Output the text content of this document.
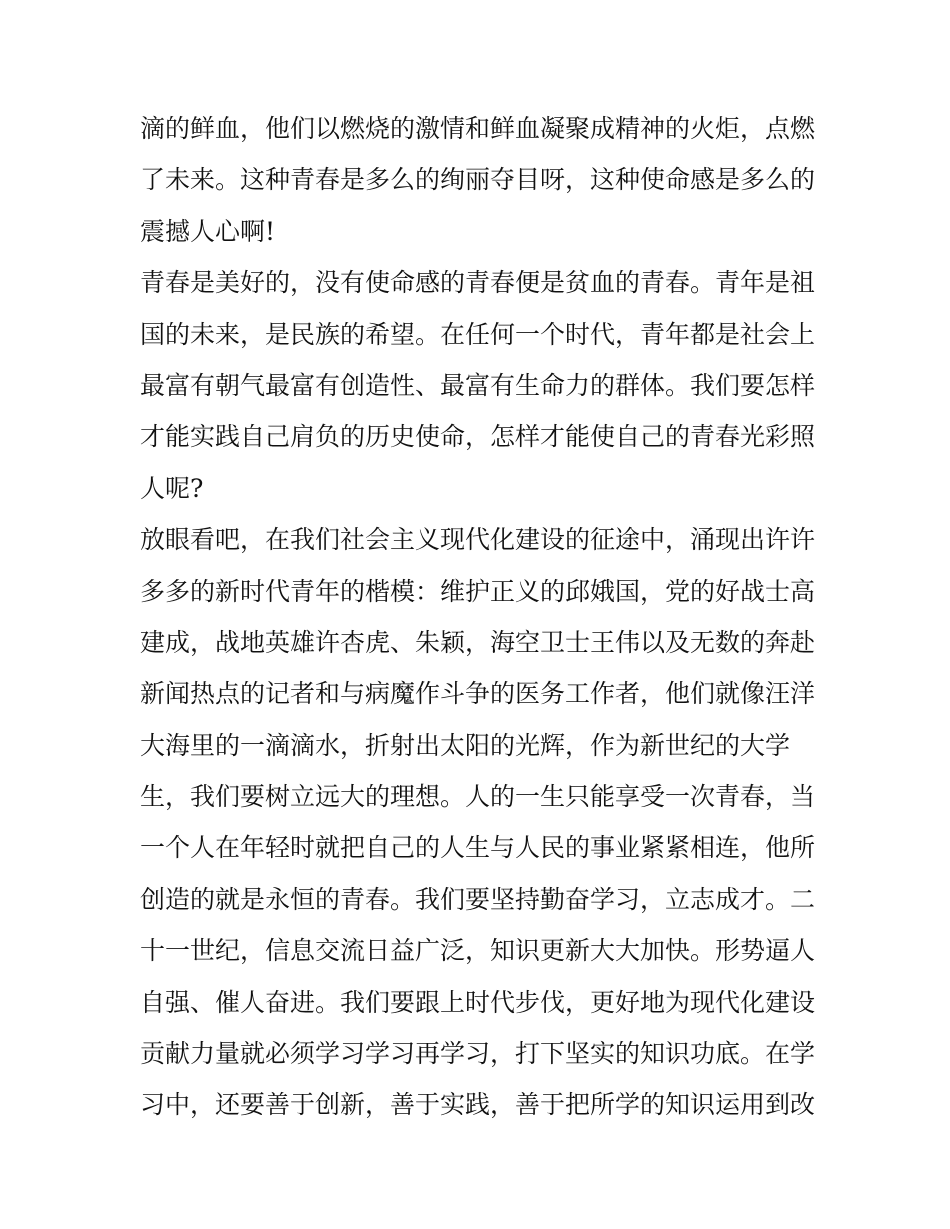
滴的鲜血，他们以燃烧的激情和鲜血凝聚成精神的火炬，点燃
了未来。这种青春是多么的绚丽夺目呀，这种使命感是多么的
震撼人心啊!
青春是美好的，没有使命感的青春便是贫血的青春。青年是祖
国的未来，是民族的希望。在任何一个时代，青年都是社会上
最富有朝气最富有创造性、最富有生命力的群体。我们要怎样
才能实践自己肩负的历史使命，怎样才能使自己的青春光彩照
人呢?
放眼看吧，在我们社会主义现代化建设的征途中，涌现出许许
多多的新时代青年的楷模：维护正义的邱娥国，党的好战士高
建成，战地英雄许杏虎、朱颖，海空卫士王伟以及无数的奔赴
新闻热点的记者和与病魔作斗争的医务工作者，他们就像汪洋
大海里的一滴滴水，折射出太阳的光辉，作为新世纪的大学
生，我们要树立远大的理想。人的一生只能享受一次青春，当
一个人在年轻时就把自己的人生与人民的事业紧紧相连，他所
创造的就是永恒的青春。我们要坚持勤奋学习，立志成才。二
十一世纪，信息交流日益广泛，知识更新大大加快。形势逼人
自强、催人奋进。我们要跟上时代步伐，更好地为现代化建设
贡献力量就必须学习学习再学习，打下坚实的知识功底。在学
习中，还要善于创新，善于实践，善于把所学的知识运用到改
